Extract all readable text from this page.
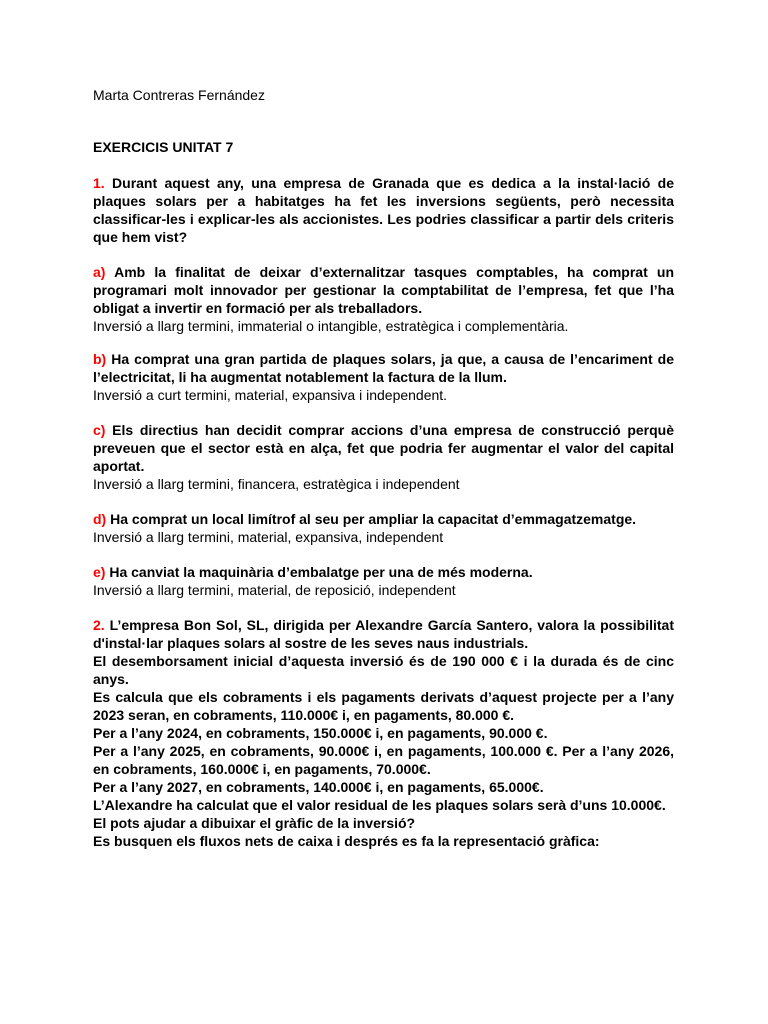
Marta Contreras Fernández
EXERCICIS UNITAT 7
1. Durant aquest any, una empresa de Granada que es dedica a la instal·lació de plaques solars per a habitatges ha fet les inversions següents, però necessita classificar-les i explicar-les als accionistes. Les podries classificar a partir dels criteris que hem vist?
a) Amb la finalitat de deixar d’externalitzar tasques comptables, ha comprat un programari molt innovador per gestionar la comptabilitat de l’empresa, fet que l’ha obligat a invertir en formació per als treballadors.
Inversió a llarg termini, immaterial o intangible, estratègica i complementària.
b) Ha comprat una gran partida de plaques solars, ja que, a causa de l’encariment de l’electricitat, li ha augmentat notablement la factura de la llum.
Inversió a curt termini, material, expansiva i independent.
c) Els directius han decidit comprar accions d’una empresa de construcció perquè preveuen que el sector està en alça, fet que podria fer augmentar el valor del capital aportat.
Inversió a llarg termini, financera, estratègica i independent
d) Ha comprat un local limítrof al seu per ampliar la capacitat d’emmagatzematge.
Inversió a llarg termini, material, expansiva, independent
e) Ha canviat la maquinària d’embalatge per una de més moderna.
Inversió a llarg termini, material, de reposició, independent

2. L’empresa Bon Sol, SL, dirigida per Alexandre García Santero, valora la possibilitat d'instal·lar plaques solars al sostre de les seves naus industrials.

El desemborsament inicial d’aquesta inversió és de 190 000 € i la durada és de cinc anys.

Es calcula que els cobraments i els pagaments derivats d’aquest projecte per a l’any 2023 seran, en cobraments, 110.000€ i, en pagaments, 80.000 €.

Per a l’any 2024, en cobraments, 150.000€ i, en pagaments, 90.000 €.

Per a l’any 2025, en cobraments, 90.000€ i, en pagaments, 100.000 €. Per a l’any 2026, en cobraments, 160.000€ i, en pagaments, 70.000€.

Per a l’any 2027, en cobraments, 140.000€ i, en pagaments, 65.000€.

L’Alexandre ha calculat que el valor residual de les plaques solars serà d’uns 10.000€.

El pots ajudar a dibuixar el gràfic de la inversió?

Es busquen els fluxos nets de caixa i després es fa la representació gràfica:
